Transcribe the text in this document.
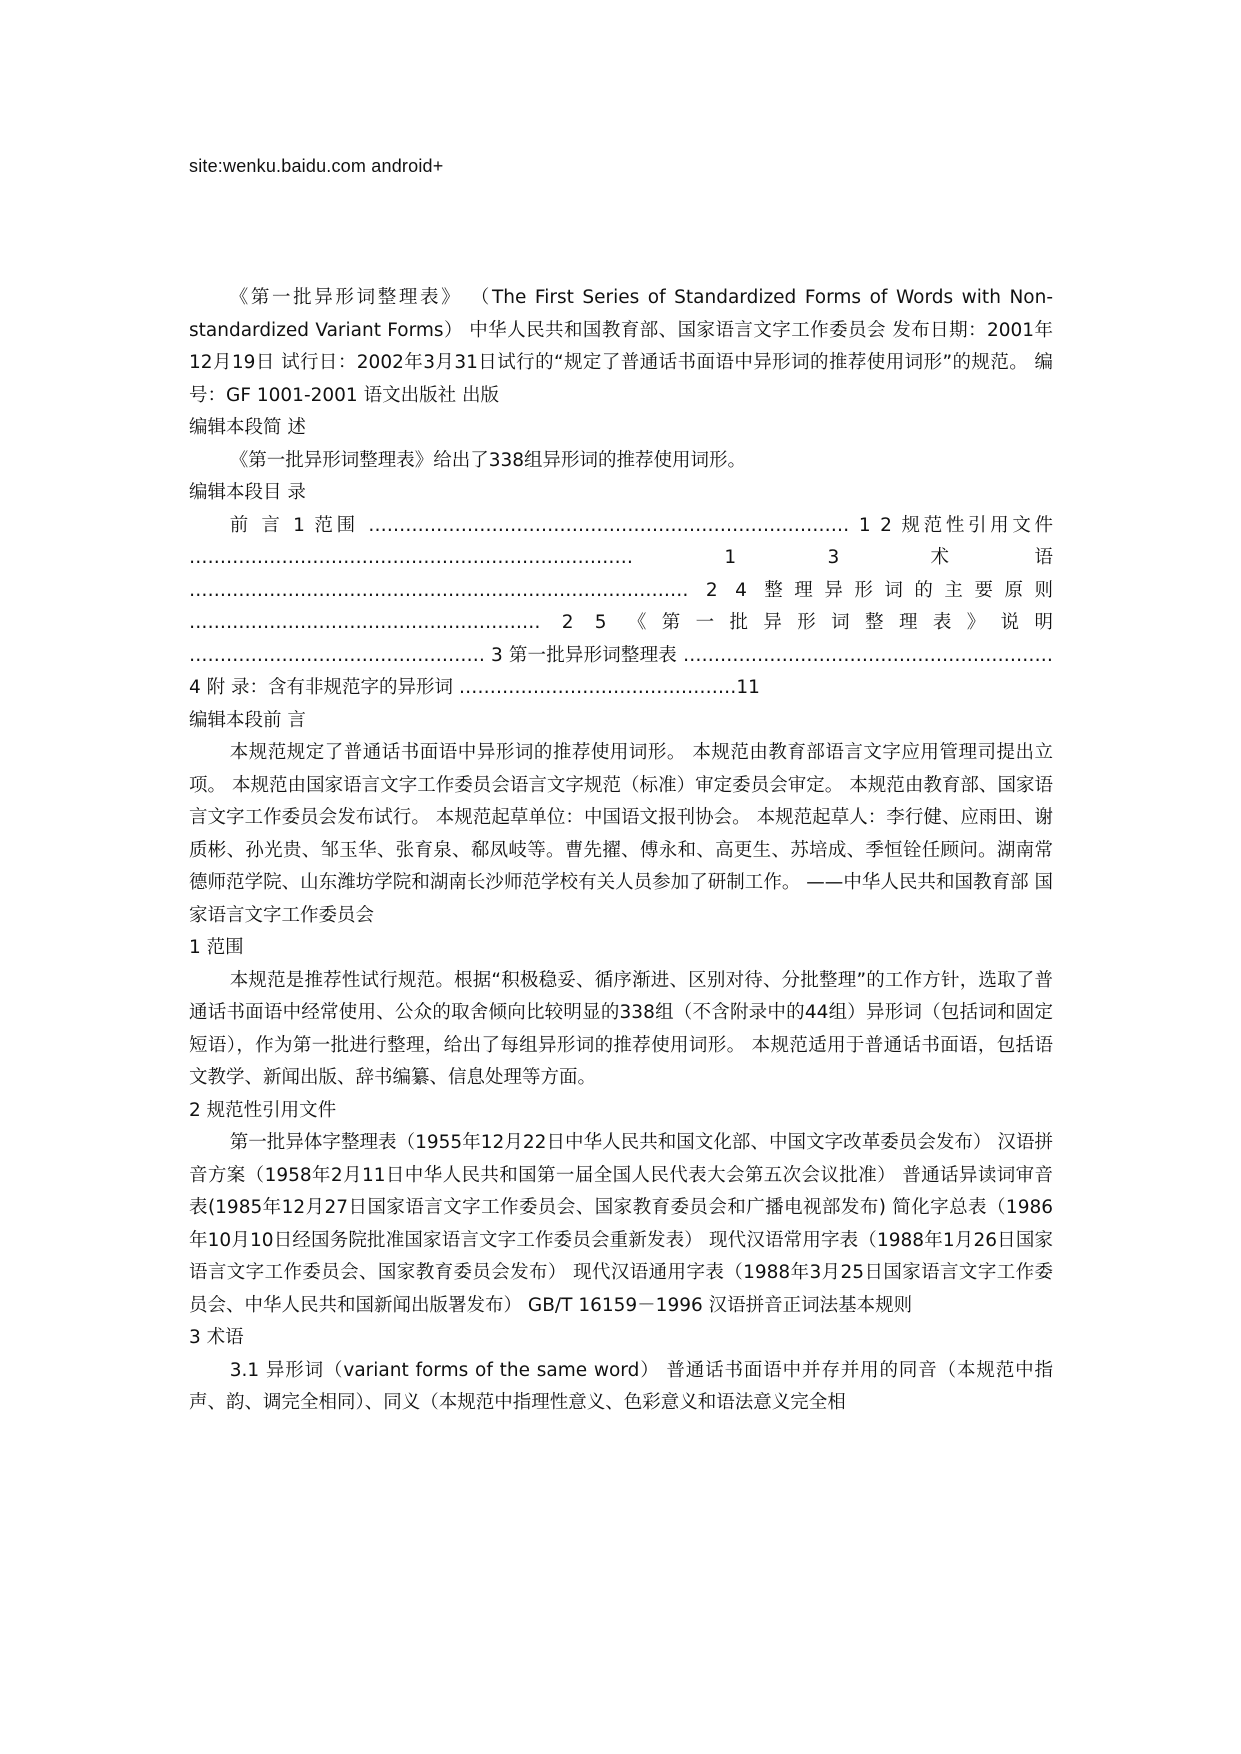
site:wenku.baidu.com android+

《第一批异形词整理表》 （The First Series of Standardized Forms of Words with Non-standardized Variant Forms） 中华人民共和国教育部、国家语言文字工作委员会 发布日期：2001年12月19日 试行日：2002年3月31日试行的“规定了普通话书面语中异形词的推荐使用词形”的规范。 编号：GF 1001-2001 语文出版社 出版

编辑本段简 述

《第一批异形词整理表》给出了338组异形词的推荐使用词形。

编辑本段目 录

前 言 1 范围 …………………………………………………………………… 1 2 规范性引用文件 ……………………………………………………………… 1 3 术语 ……………………………………………………………………… 2 4 整理异形词的主要原则 ………………………………………………… 2 5 《第一批异形词整理表》说明 ………………………………………… 3 第一批异形词整理表 …………………………………………………… 4 附 录：含有非规范字的异形词 ………………………………………11

编辑本段前 言

本规范规定了普通话书面语中异形词的推荐使用词形。 本规范由教育部语言文字应用管理司提出立项。 本规范由国家语言文字工作委员会语言文字规范（标准）审定委员会审定。 本规范由教育部、国家语言文字工作委员会发布试行。 本规范起草单位：中国语文报刊协会。 本规范起草人：李行健、应雨田、谢质彬、孙光贵、邹玉华、张育泉、郗凤岐等。曹先擢、傅永和、高更生、苏培成、季恒铨任顾问。湖南常德师范学院、山东潍坊学院和湖南长沙师范学校有关人员参加了研制工作。 ——中华人民共和国教育部 国家语言文字工作委员会

1 范围

本规范是推荐性试行规范。根据“积极稳妥、循序渐进、区别对待、分批整理”的工作方针，选取了普通话书面语中经常使用、公众的取舍倾向比较明显的338组（不含附录中的44组）异形词（包括词和固定短语），作为第一批进行整理，给出了每组异形词的推荐使用词形。 本规范适用于普通话书面语，包括语文教学、新闻出版、辞书编纂、信息处理等方面。

2 规范性引用文件

第一批异体字整理表（1955年12月22日中华人民共和国文化部、中国文字改革委员会发布） 汉语拼音方案（1958年2月11日中华人民共和国第一届全国人民代表大会第五次会议批准） 普通话异读词审音表(1985年12月27日国家语言文字工作委员会、国家教育委员会和广播电视部发布) 简化字总表（1986年10月10日经国务院批准国家语言文字工作委员会重新发表） 现代汉语常用字表（1988年1月26日国家语言文字工作委员会、国家教育委员会发布） 现代汉语通用字表（1988年3月25日国家语言文字工作委员会、中华人民共和国新闻出版署发布） GB/T 16159－1996 汉语拼音正词法基本规则

3 术语

3.1 异形词（variant forms of the same word） 普通话书面语中并存并用的同音（本规范中指声、韵、调完全相同）、同义（本规范中指理性意义、色彩意义和语法意义完全相
